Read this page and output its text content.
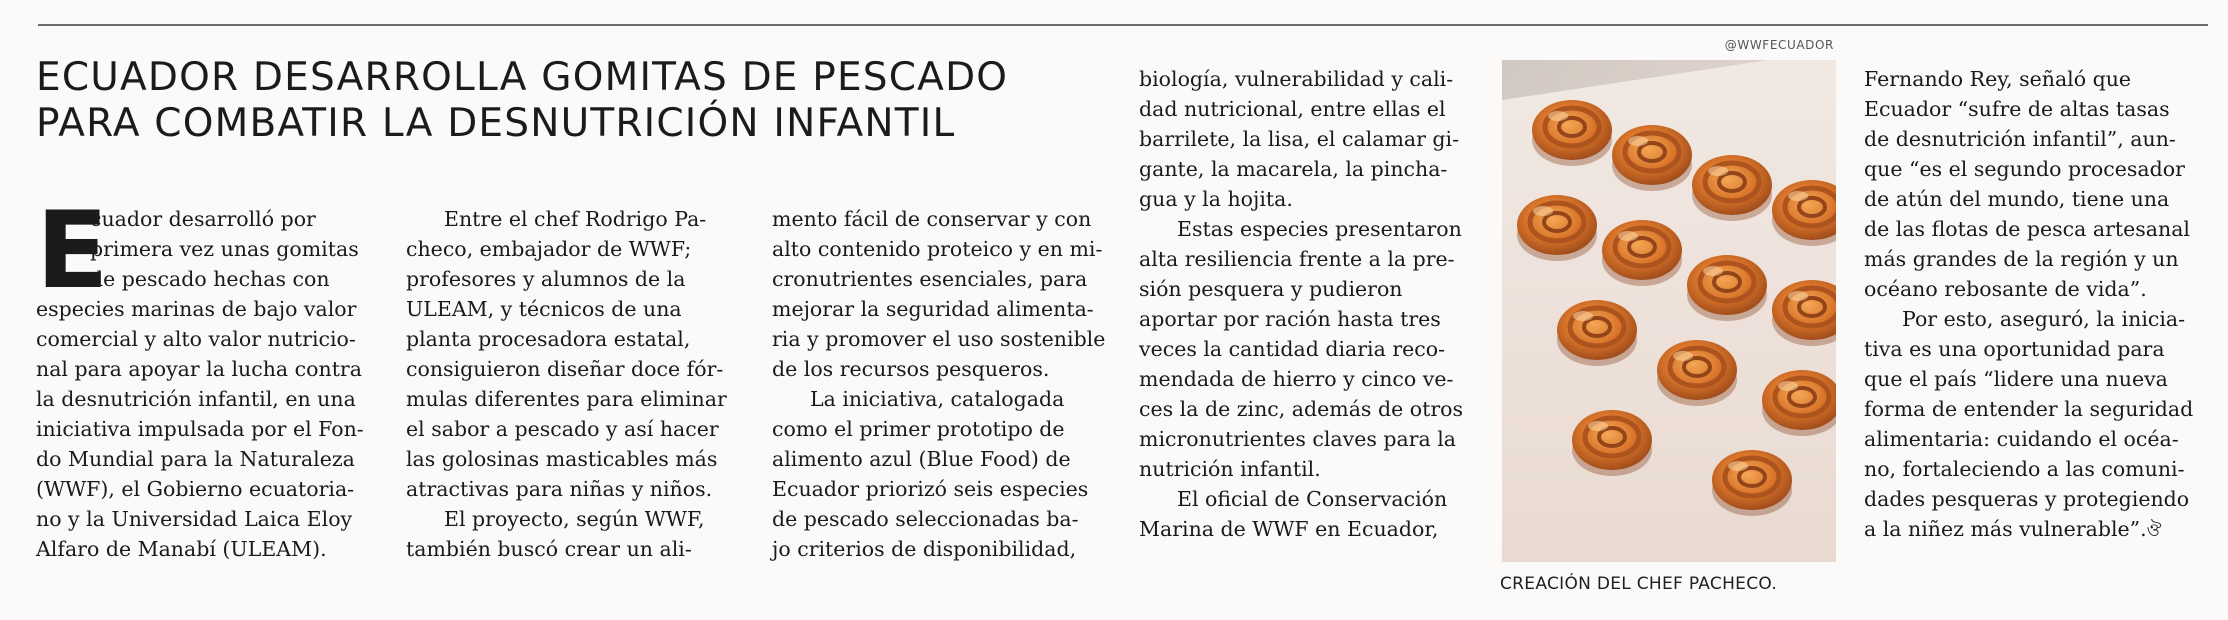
ECUADOR DESARROLLA GOMITAS DE PESCADO
PARA COMBATIR LA DESNUTRICIÓN INFANTIL
E

cuador desarrolló por
primera vez unas gomitas
de pescado hechas con
especies marinas de bajo valor
comercial y alto valor nutricio-
nal para apoyar la lucha contra
la desnutrición infantil, en una
iniciativa impulsada por el Fon-
do Mundial para la Naturaleza
(WWF), el Gobierno ecuatoria-
no y la Universidad Laica Eloy
Alfaro de Manabí (ULEAM).

Entre el chef Rodrigo Pa-
checo, embajador de WWF;
profesores y alumnos de la
ULEAM, y técnicos de una
planta procesadora estatal,
consiguieron diseñar doce fór-
mulas diferentes para eliminar
el sabor a pescado y así hacer
las golosinas masticables más
atractivas para niñas y niños.

El proyecto, según WWF,
también buscó crear un ali-

mento fácil de conservar y con
alto contenido proteico y en mi-
cronutrientes esenciales, para
mejorar la seguridad alimenta-
ria y promover el uso sostenible
de los recursos pesqueros.

La iniciativa, catalogada
como el primer prototipo de
alimento azul (Blue Food) de
Ecuador priorizó seis especies
de pescado seleccionadas ba-
jo criterios de disponibilidad,

biología, vulnerabilidad y cali-
dad nutricional, entre ellas el
barrilete, la lisa, el calamar gi-
gante, la macarela, la pincha-
gua y la hojita.

Estas especies presentaron
alta resiliencia frente a la pre-
sión pesquera y pudieron
aportar por ración hasta tres
veces la cantidad diaria reco-
mendada de hierro y cinco ve-
ces la de zinc, además de otros
micronutrientes claves para la
nutrición infantil.

El oficial de Conservación
Marina de WWF en Ecuador,

@WWFECUADOR
CREACIÓN DEL CHEF PACHECO.

Fernando Rey, señaló que
Ecuador “sufre de altas tasas
de desnutrición infantil”, aun-
que “es el segundo procesador
de atún del mundo, tiene una
de las flotas de pesca artesanal
más grandes de la región y un
océano rebosante de vida”.

Por esto, aseguró, la inicia-
tiva es una oportunidad para
que el país “lidere una nueva
forma de entender la seguridad
alimentaria: cuidando el océa-
no, fortaleciendo a las comuni-
dades pesqueras y protegiendo
a la niñez más vulnerable”.ঔ
